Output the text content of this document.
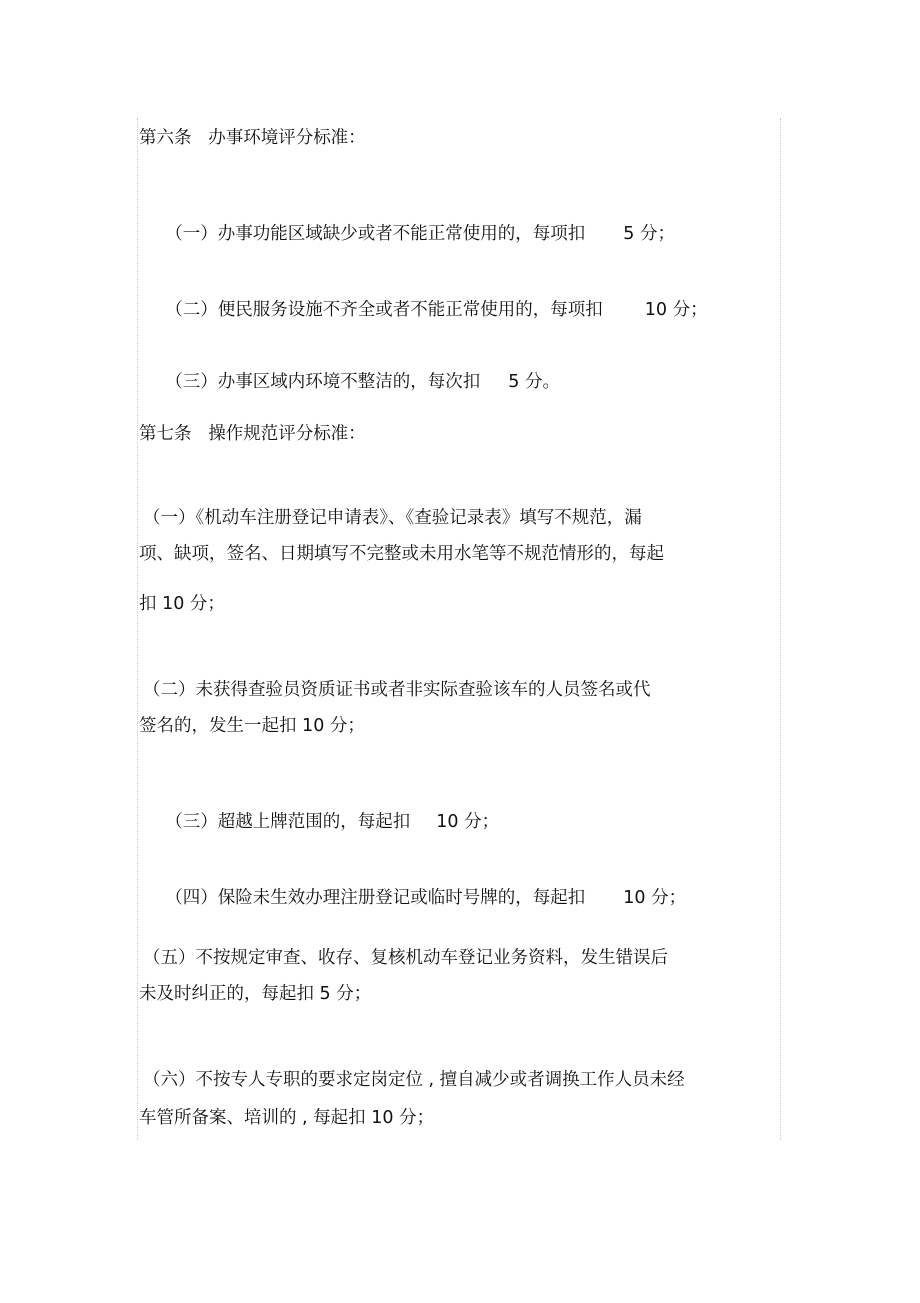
第六条   办事环境评分标准：

（一）办事功能区域缺少或者不能正常使用的，每项扣 5 分；

（二）便民服务设施不齐全或者不能正常使用的，每项扣 10 分；

（三）办事区域内环境不整洁的，每次扣 5 分。

第七条   操作规范评分标准：
（一）《机动车注册登记申请表》、《查验记录表》填写不规范，漏
项、缺项，签名、日期填写不完整或未用水笔等不规范情形的，每起
扣 10 分；
（二）未获得查验员资质证书或者非实际查验该车的人员签名或代
签名的，发生一起扣 10 分；

（三）超越上牌范围的，每起扣 10 分；

（四）保险未生效办理注册登记或临时号牌的，每起扣 10 分；

（五）不按规定审查、收存、复核机动车登记业务资料，发生错误后
未及时纠正的，每起扣 5 分；
（六）不按专人专职的要求定岗定位 , 擅自减少或者调换工作人员未经
车管所备案、培训的 , 每起扣 10 分；
